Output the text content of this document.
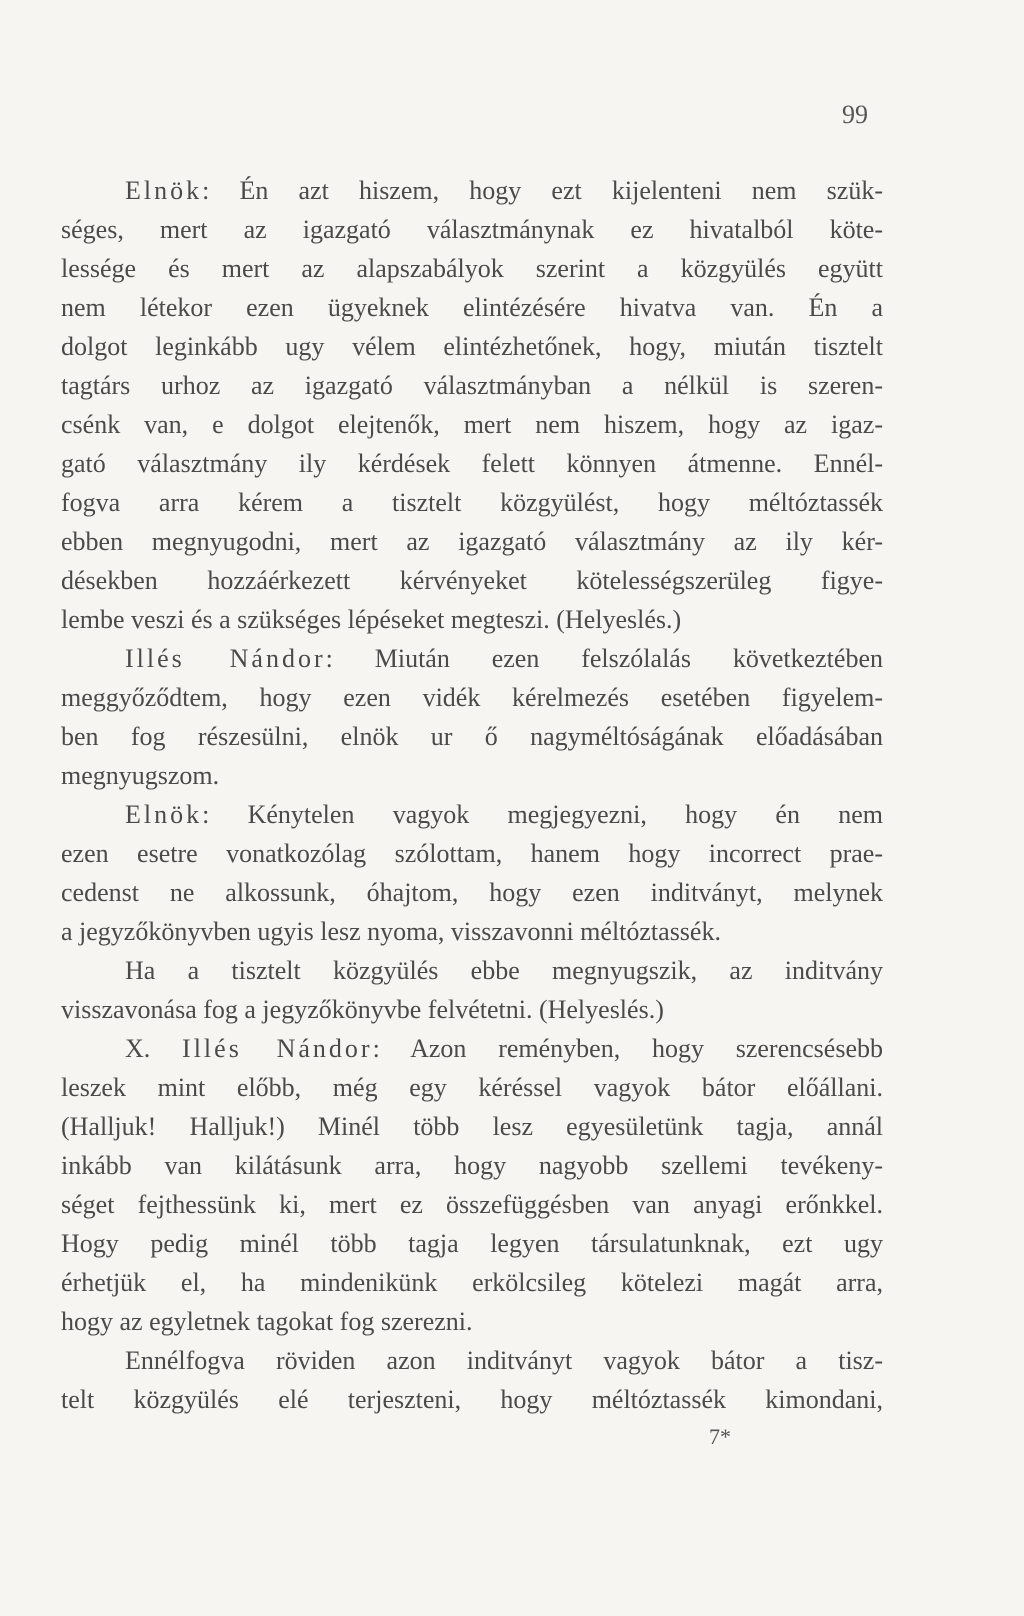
99
Elnök: Én azt hiszem, hogy ezt kijelenteni nem szük-
séges, mert az igazgató választmánynak ez hivatalból köte-
lessége és mert az alapszabályok szerint a közgyülés együtt
nem létekor ezen ügyeknek elintézésére hivatva van. Én a
dolgot leginkább ugy vélem elintézhetőnek, hogy, miután tisztelt
tagtárs urhoz az igazgató választmányban a nélkül is szeren-
csénk van, e dolgot elejtenők, mert nem hiszem, hogy az igaz-
gató választmány ily kérdések felett könnyen átmenne. Ennél-
fogva arra kérem a tisztelt közgyülést, hogy méltóztassék
ebben megnyugodni, mert az igazgató választmány az ily kér-
désekben hozzáérkezett kérvényeket kötelességszerüleg figye-
lembe veszi és a szükséges lépéseket megteszi. (Helyeslés.)
Illés Nándor: Miután ezen felszólalás következtében
meggyőződtem, hogy ezen vidék kérelmezés esetében figyelem-
ben fog részesülni, elnök ur ő nagyméltóságának előadásában
megnyugszom.
Elnök: Kénytelen vagyok megjegyezni, hogy én nem
ezen esetre vonatkozólag szólottam, hanem hogy incorrect prae-
cedenst ne alkossunk, óhajtom, hogy ezen inditványt, melynek
a jegyzőkönyvben ugyis lesz nyoma, visszavonni méltóztassék.
Ha a tisztelt közgyülés ebbe megnyugszik, az inditvány
visszavonása fog a jegyzőkönyvbe felvétetni. (Helyeslés.)
X. Illés Nándor: Azon reményben, hogy szerencsésebb
leszek mint előbb, még egy kéréssel vagyok bátor előállani.
(Halljuk! Halljuk!) Minél több lesz egyesületünk tagja, annál
inkább van kilátásunk arra, hogy nagyobb szellemi tevékeny-
séget fejthessünk ki, mert ez összefüggésben van anyagi erőnkkel.
Hogy pedig minél több tagja legyen társulatunknak, ezt ugy
érhetjük el, ha mindenikünk erkölcsileg kötelezi magát arra,
hogy az egyletnek tagokat fog szerezni.
Ennélfogva röviden azon inditványt vagyok bátor a tisz-
telt közgyülés elé terjeszteni, hogy méltóztassék kimondani,
7*
